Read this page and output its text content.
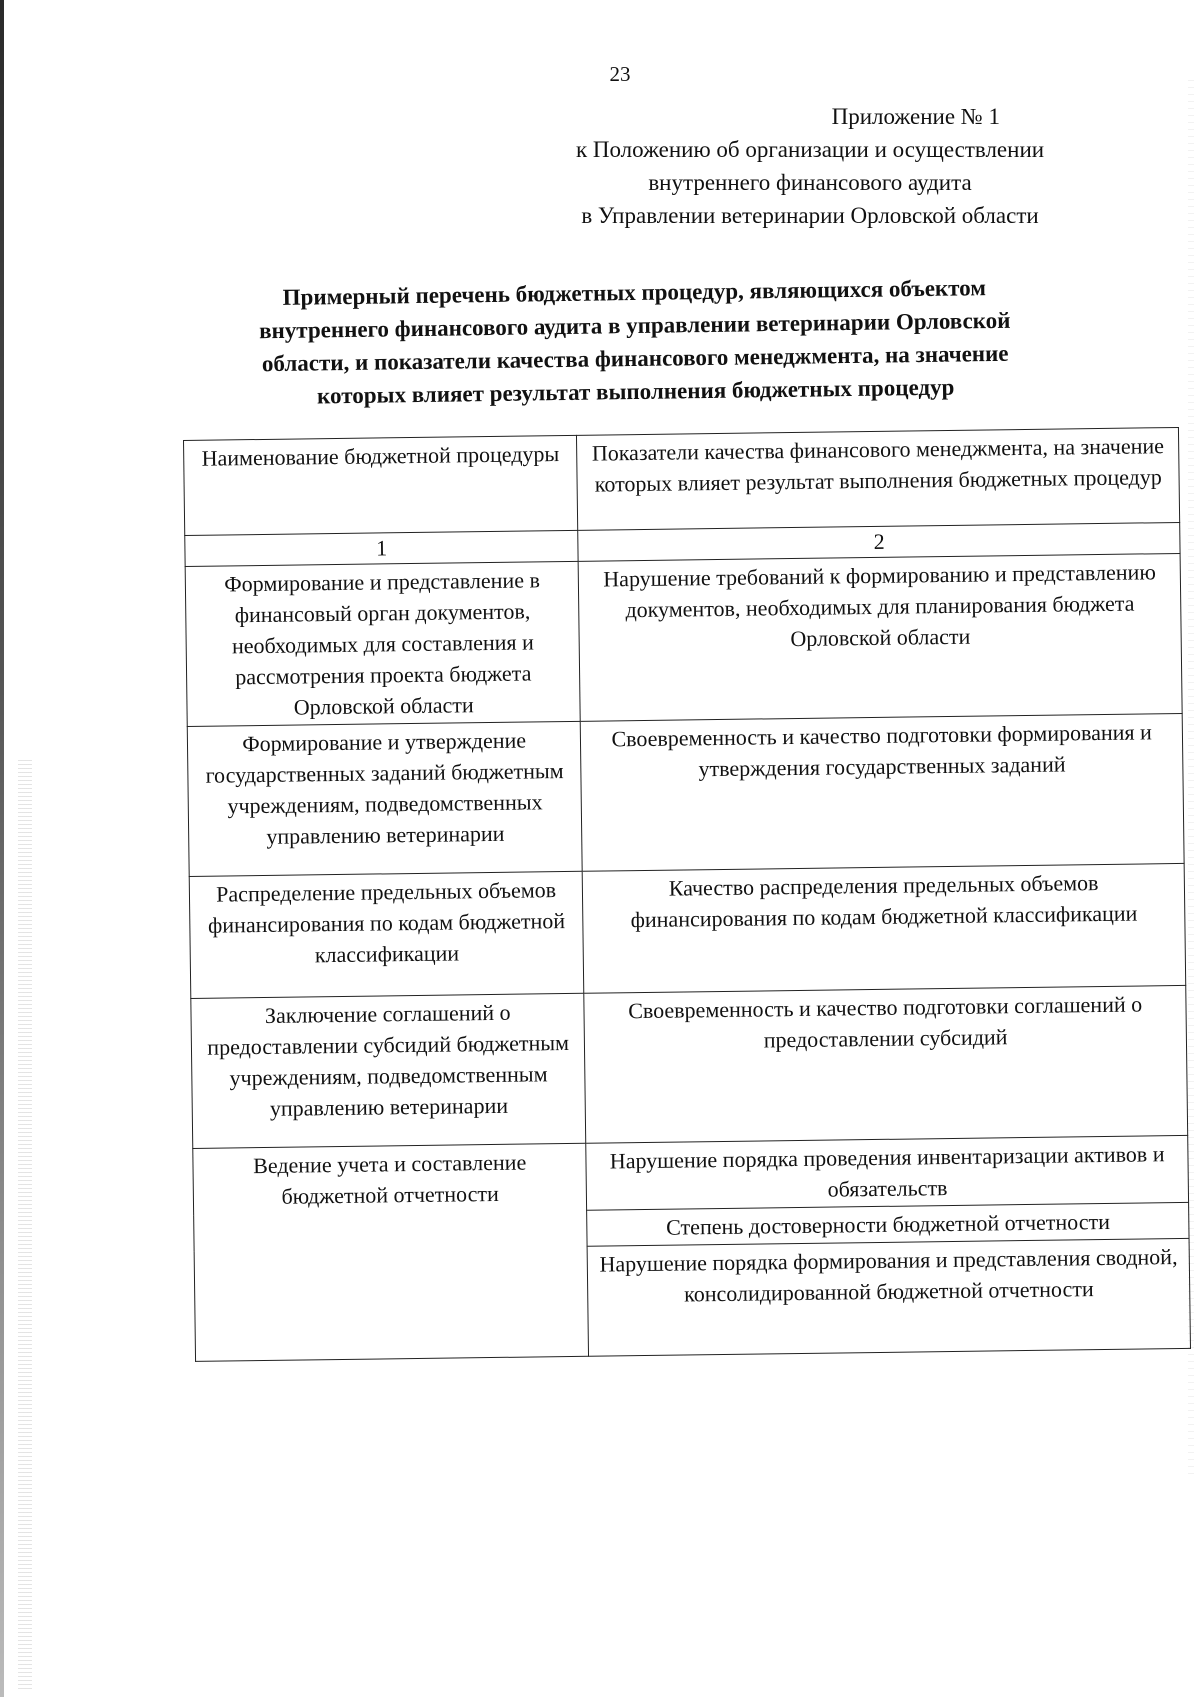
23
Приложение № 1
к Положению об организации и осуществлении
внутреннего финансового аудита
в Управлении ветеринарии Орловской области
Примерный перечень бюджетных процедур, являющихся объектом
внутреннего финансового аудита в управлении ветеринарии Орловской
области, и показатели качества финансового менеджмента, на значение
которых влияет результат выполнения бюджетных процедур
Наименование бюджетной процедуры	Показатели качества финансового менеджмента, на значение которых влияет результат выполнения бюджетных процедур
1	2
Формирование и представление в финансовый орган документов, необходимых для составления и рассмотрения проекта бюджета Орловской области	Нарушение требований к формированию и представлению документов, необходимых для планирования бюджета Орловской области
Формирование и утверждение государственных заданий бюджетным учреждениям, подведомственных управлению ветеринарии	Своевременность и качество подготовки формирования и утверждения государственных заданий
Распределение предельных объемов финансирования по кодам бюджетной классификации	Качество распределения предельных объемов финансирования по кодам бюджетной классификации
Заключение соглашений о предоставлении субсидий бюджетным учреждениям, подведомственным управлению ветеринарии	Своевременность и качество подготовки соглашений о предоставлении субсидий
Ведение учета и составление бюджетной отчетности	Нарушение порядка проведения инвентаризации активов и обязательств
	Степень достоверности бюджетной отчетности
	Нарушение порядка формирования и представления сводной, консолидированной бюджетной отчетности
